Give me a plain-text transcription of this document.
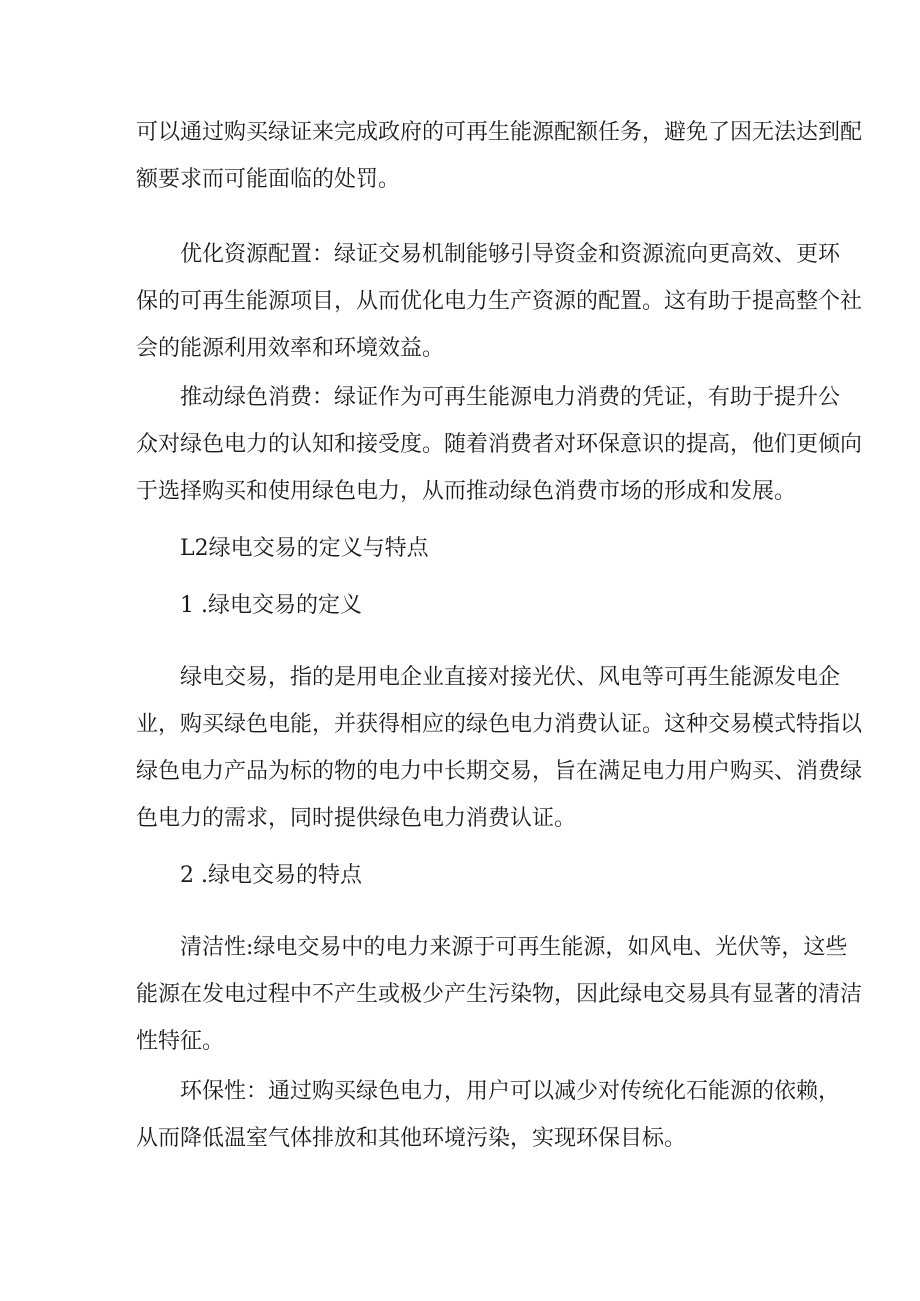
可以通过购买绿证来完成政府的可再生能源配额任务，避免了因无法达到配
额要求而可能面临的处罚。
优化资源配置：绿证交易机制能够引导资金和资源流向更高效、更环
保的可再生能源项目，从而优化电力生产资源的配置。这有助于提高整个社
会的能源利用效率和环境效益。
推动绿色消费：绿证作为可再生能源电力消费的凭证，有助于提升公
众对绿色电力的认知和接受度。随着消费者对环保意识的提高，他们更倾向
于选择购买和使用绿色电力，从而推动绿色消费市场的形成和发展。
L2绿电交易的定义与特点
1 .绿电交易的定义
绿电交易，指的是用电企业直接对接光伏、风电等可再生能源发电企
业，购买绿色电能，并获得相应的绿色电力消费认证。这种交易模式特指以
绿色电力产品为标的物的电力中长期交易，旨在满足电力用户购买、消费绿
色电力的需求，同时提供绿色电力消费认证。
2 .绿电交易的特点
清洁性:绿电交易中的电力来源于可再生能源，如风电、光伏等，这些
能源在发电过程中不产生或极少产生污染物，因此绿电交易具有显著的清洁
性特征。
环保性：通过购买绿色电力，用户可以减少对传统化石能源的依赖，
从而降低温室气体排放和其他环境污染，实现环保目标。
